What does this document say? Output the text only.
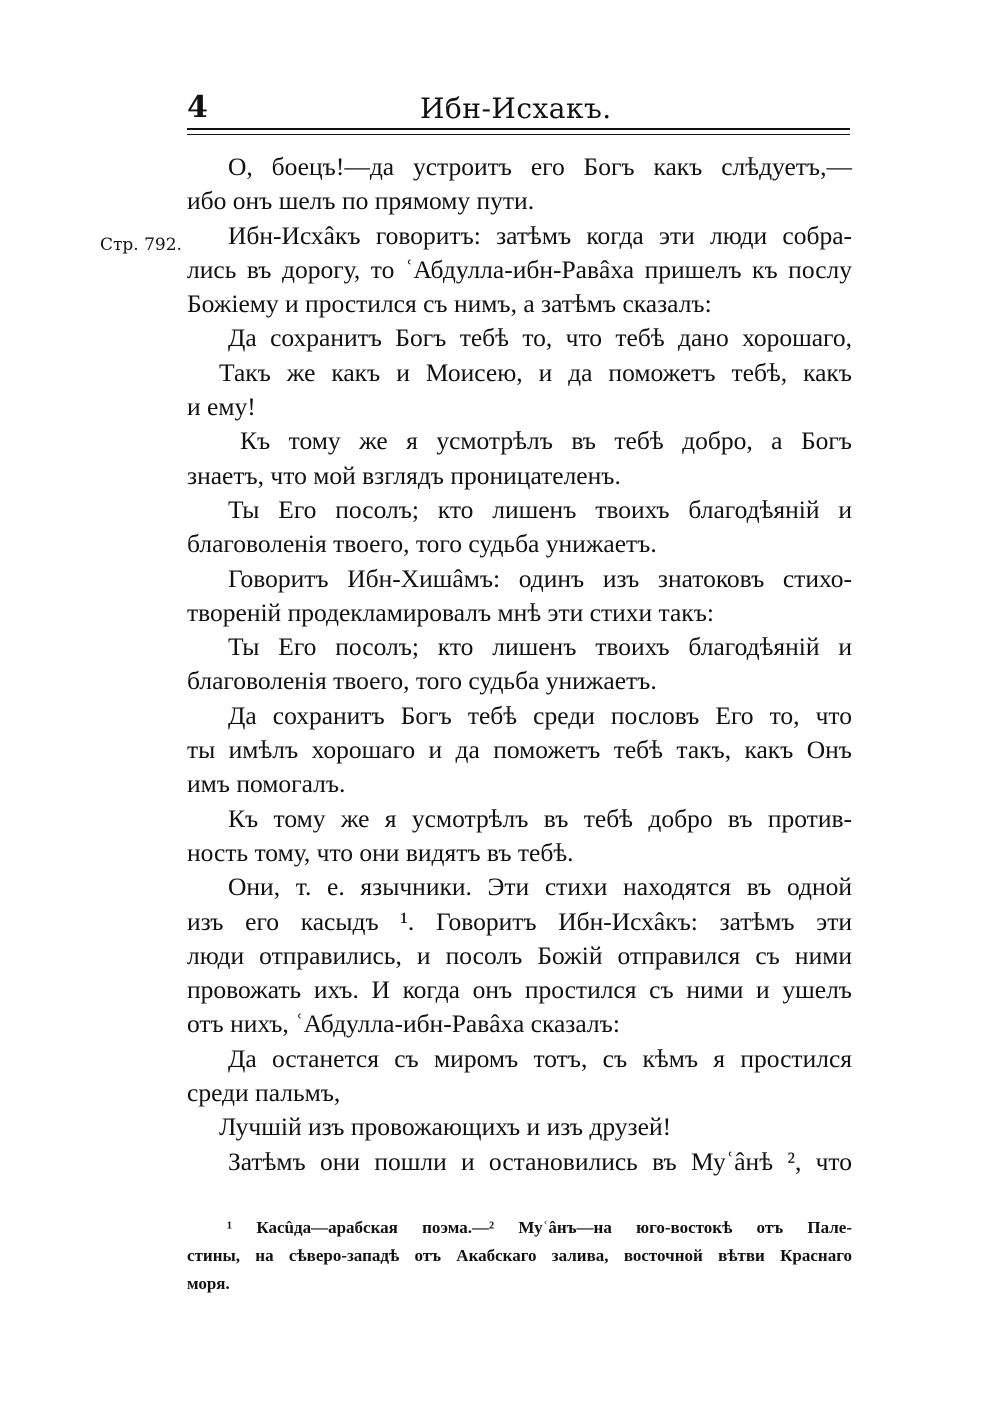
4	Ибн-Исхакъ.
Стр. 792.
О, боецъ!—да устроитъ его Богъ какъ слѣдуетъ,—
ибо онъ шелъ по прямому пути.
Ибн-Исхâкъ говоритъ: затѣмъ когда эти люди собра-
лись въ дорогу, то ʿАбдулла-ибн-Равâха пришелъ къ послу
Божіему и простился съ нимъ, а затѣмъ сказалъ:
Да сохранитъ Богъ тебѣ то, что тебѣ дано хорошаго,
Такъ же какъ и Моисею, и да поможетъ тебѣ, какъ
и ему!
Къ тому же я усмотрѣлъ въ тебѣ добро, а Богъ
знаетъ, что мой взглядъ проницателенъ.
Ты Его посолъ; кто лишенъ твоихъ благодѣяній и
благоволенія твоего, того судьба унижаетъ.
Говоритъ Ибн-Хишâмъ: одинъ изъ знатоковъ стихо-
твореній продекламировалъ мнѣ эти стихи такъ:
Ты Его посолъ; кто лишенъ твоихъ благодѣяній и
благоволенія твоего, того судьба унижаетъ.
Да сохранитъ Богъ тебѣ среди пословъ Его то, что
ты имѣлъ хорошаго и да поможетъ тебѣ такъ, какъ Онъ
имъ помогалъ.
Къ тому же я усмотрѣлъ въ тебѣ добро въ против-
ность тому, что они видятъ въ тебѣ.
Они, т. е. язычники. Эти стихи находятся въ одной
изъ его касыдъ ¹. Говоритъ Ибн-Исхâкъ: затѣмъ эти
люди отправились, и посолъ Божій отправился съ ними
провожать ихъ. И когда онъ простился съ ними и ушелъ
отъ нихъ, ʿАбдулла-ибн-Равâха сказалъ:
Да останется съ миромъ тотъ, съ кѣмъ я простился
среди пальмъ,
Лучшій изъ провожающихъ и изъ друзей!
Затѣмъ они пошли и остановились въ Муʿâнѣ ², что
¹ Касûда—арабская поэма.—² Муʿâнъ—на юго-востокѣ отъ Пале-
стины, на сѣверо-западѣ отъ Акабскаго залива, восточной вѣтви Краснаго
моря.
